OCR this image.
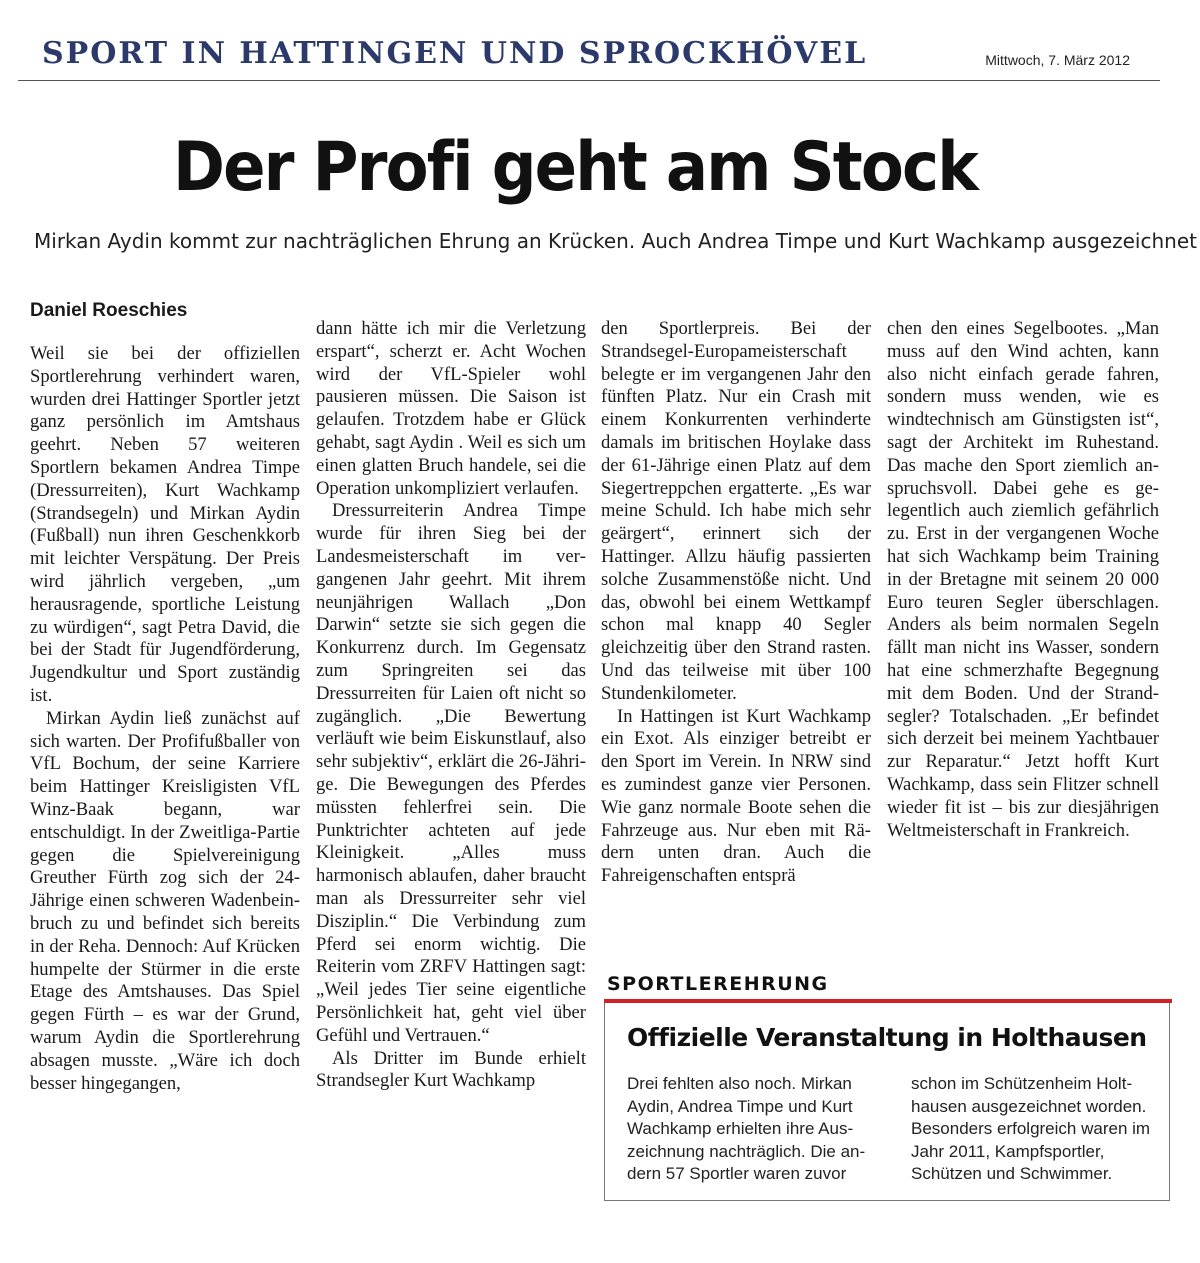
SPORT IN HATTINGEN UND SPROCKHÖVEL	Mittwoch, 7. März 2012
Der Profi geht am Stock
Mirkan Aydin kommt zur nachträglichen Ehrung an Krücken. Auch Andrea Timpe und Kurt Wachkamp ausgezeichnet
Daniel Roeschies

Weil sie bei der offiziellen Sportlerehrung verhindert waren, wurden drei Hattinger Sportler jetzt ganz persönlich im Amtshaus geehrt. Neben 57 weiteren Sportlern bekamen Andrea Timpe (Dressurreiten), Kurt Wachkamp (Strandsegeln) und Mirkan Aydin (Fußball) nun ihren Geschenkkorb mit leichter Verspätung. Der Preis wird jährlich vergeben, „um herausragende, sportliche Leistung zu würdigen“, sagt Petra David, die bei der Stadt für Jugendförderung, Jugendkultur und Sport zuständig ist.

Mirkan Aydin ließ zunächst auf sich warten. Der Profifußballer von VfL Bochum, der seine Karriere beim Hattinger Kreisligisten VfL Winz-Baak begann, war entschuldigt. In der Zweitliga-Partie gegen die Spielvereinigung Greuther Fürth zog sich der 24-Jährige einen schweren Wadenbeinbruch zu und befindet sich bereits in der Reha. Dennoch: Auf Krücken humpelte der Stürmer in die erste Etage des Amtshauses. Das Spiel gegen Fürth – es war der Grund, warum Aydin die Sportlerehrung absagen musste. „Wäre ich doch besser hingegangen,

dann hätte ich mir die Verletzung erspart“, scherzt er. Acht Wochen wird der VfL-Spieler wohl pausieren müssen. Die Saison ist gelaufen. Trotzdem habe er Glück gehabt, sagt Aydin . Weil es sich um einen glatten Bruch handele, sei die Operation unkompliziert verlaufen.

Dressurreiterin Andrea Timpe wurde für ihren Sieg bei der Landesmeisterschaft im vergangenen Jahr geehrt. Mit ihrem neunjährigen Wallach „Don Darwin“ setzte sie sich gegen die Konkurrenz durch. Im Gegensatz zum Springreiten sei das Dressurreiten für Laien oft nicht so zugänglich. „Die Bewertung verläuft wie beim Eiskunstlauf, also sehr subjektiv“, erklärt die 26-Jährige. Die Bewegungen des Pferdes müssten fehlerfrei sein. Die Punktrichter achteten auf jede Kleinigkeit. „Alles muss harmonisch ablaufen, daher braucht man als Dressurreiter sehr viel Disziplin.“ Die Verbindung zum Pferd sei enorm wichtig. Die Reiterin vom ZRFV Hattingen sagt: „Weil jedes Tier seine eigentliche Persönlichkeit hat, geht viel über Gefühl und Vertrauen.“

Als Dritter im Bunde erhielt Strandsegler Kurt Wachkamp

den Sportlerpreis. Bei der Strandsegel-Europameisterschaft belegte er im vergangenen Jahr den fünften Platz. Nur ein Crash mit einem Konkurrenten verhinderte damals im britischen Hoylake dass der 61-Jährige einen Platz auf dem Siegertreppchen ergatterte. „Es war meine Schuld. Ich habe mich sehr geärgert“, erinnert sich der Hattinger. Allzu häufig passierten solche Zusammenstöße nicht. Und das, obwohl bei einem Wettkampf schon mal knapp 40 Segler gleichzeitig über den Strand rasten. Und das teilweise mit über 100 Stundenkilometer.

In Hattingen ist Kurt Wachkamp ein Exot. Als einziger betreibt er den Sport im Verein. In NRW sind es zumindest ganze vier Personen. Wie ganz normale Boote sehen die Fahrzeuge aus. Nur eben mit Rädern unten dran. Auch die Fahreigenschaften entsprä

chen den eines Segelbootes. „Man muss auf den Wind achten, kann also nicht einfach gerade fahren, sondern muss wenden, wie es windtechnisch am Günstigsten ist“, sagt der Architekt im Ruhestand. Das mache den Sport ziemlich anspruchsvoll. Dabei gehe es gelegentlich auch ziemlich gefährlich zu. Erst in der vergangenen Woche hat sich Wachkamp beim Training in der Bretagne mit seinem 20 000 Euro teuren Segler überschlagen. Anders als beim normalen Segeln fällt man nicht ins Wasser, sondern hat eine schmerzhafte Begegnung mit dem Boden. Und der Strandsegler? Totalschaden. „Er befindet sich derzeit bei meinem Yachtbauer zur Reparatur.“ Jetzt hofft Kurt Wachkamp, dass sein Flitzer schnell wieder fit ist – bis zur diesjährigen Weltmeisterschaft in Frankreich.

SPORTLEREHRUNG
Offizielle Veranstaltung in Holthausen

Drei fehlten also noch. Mirkan Aydin, Andrea Timpe und Kurt Wachkamp erhielten ihre Auszeichnung nachträglich. Die andern 57 Sportler waren zuvor

schon im Schützenheim Holthausen ausgezeichnet worden. Besonders erfolgreich waren im Jahr 2011, Kampfsportler, Schützen und Schwimmer.
